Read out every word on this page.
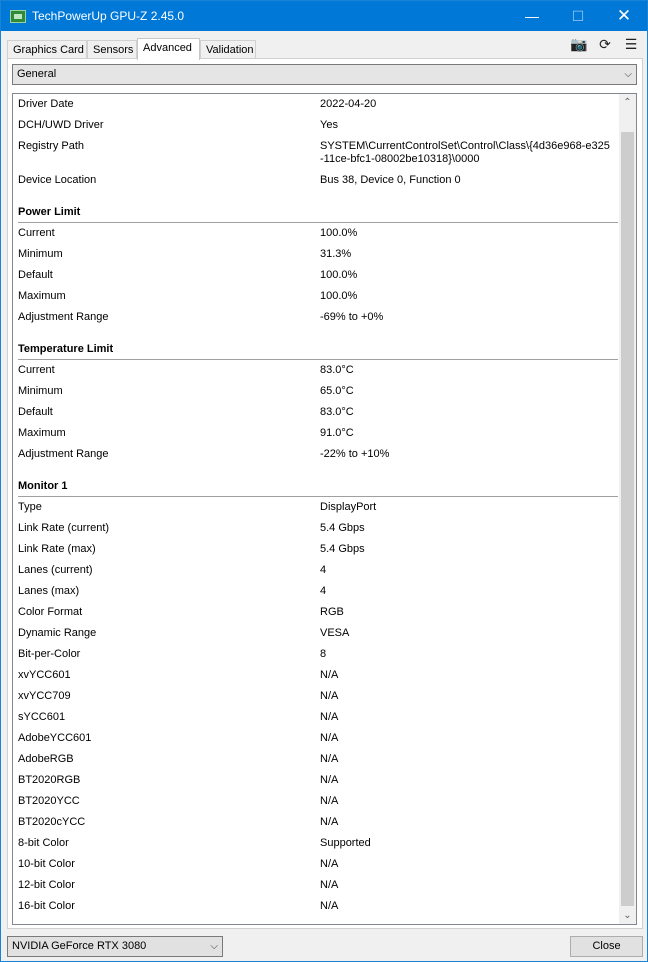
TechPowerUp GPU-Z 2.45.0	—	☐	✕
Graphics Card Sensors Advanced	Validation	📷 ⟳ ☰
General	⌵
Driver Date	2022-04-20
DCH/UWD Driver	Yes
Registry Path	SYSTEM\CurrentControlSet\Control\Class\{4d36e968-e325
-11ce-bfc1-08002be10318}\0000
Device Location	Bus 38, Device 0, Function 0
Power Limit
Current	100.0%
Minimum	31.3%
Default	100.0%
Maximum	100.0%
Adjustment Range	-69% to +0%
Temperature Limit
Current	83.0°C
Minimum	65.0°C
Default	83.0°C
Maximum	91.0°C
Adjustment Range	-22% to +10%
Monitor 1
Type	DisplayPort
Link Rate (current)	5.4 Gbps
Link Rate (max)	5.4 Gbps
Lanes (current)	4
Lanes (max)	4
Color Format	RGB
Dynamic Range	VESA
Bit-per-Color	8
xvYCC601	N/A
xvYCC709	N/A
sYCC601	N/A
AdobeYCC601	N/A
AdobeRGB	N/A
BT2020RGB	N/A
BT2020YCC	N/A
BT2020cYCC	N/A
8-bit Color	Supported
10-bit Color	N/A
12-bit Color	N/A
16-bit Color	N/A
⌃
⌄
NVIDIA GeForce RTX 3080	⌵	Close
